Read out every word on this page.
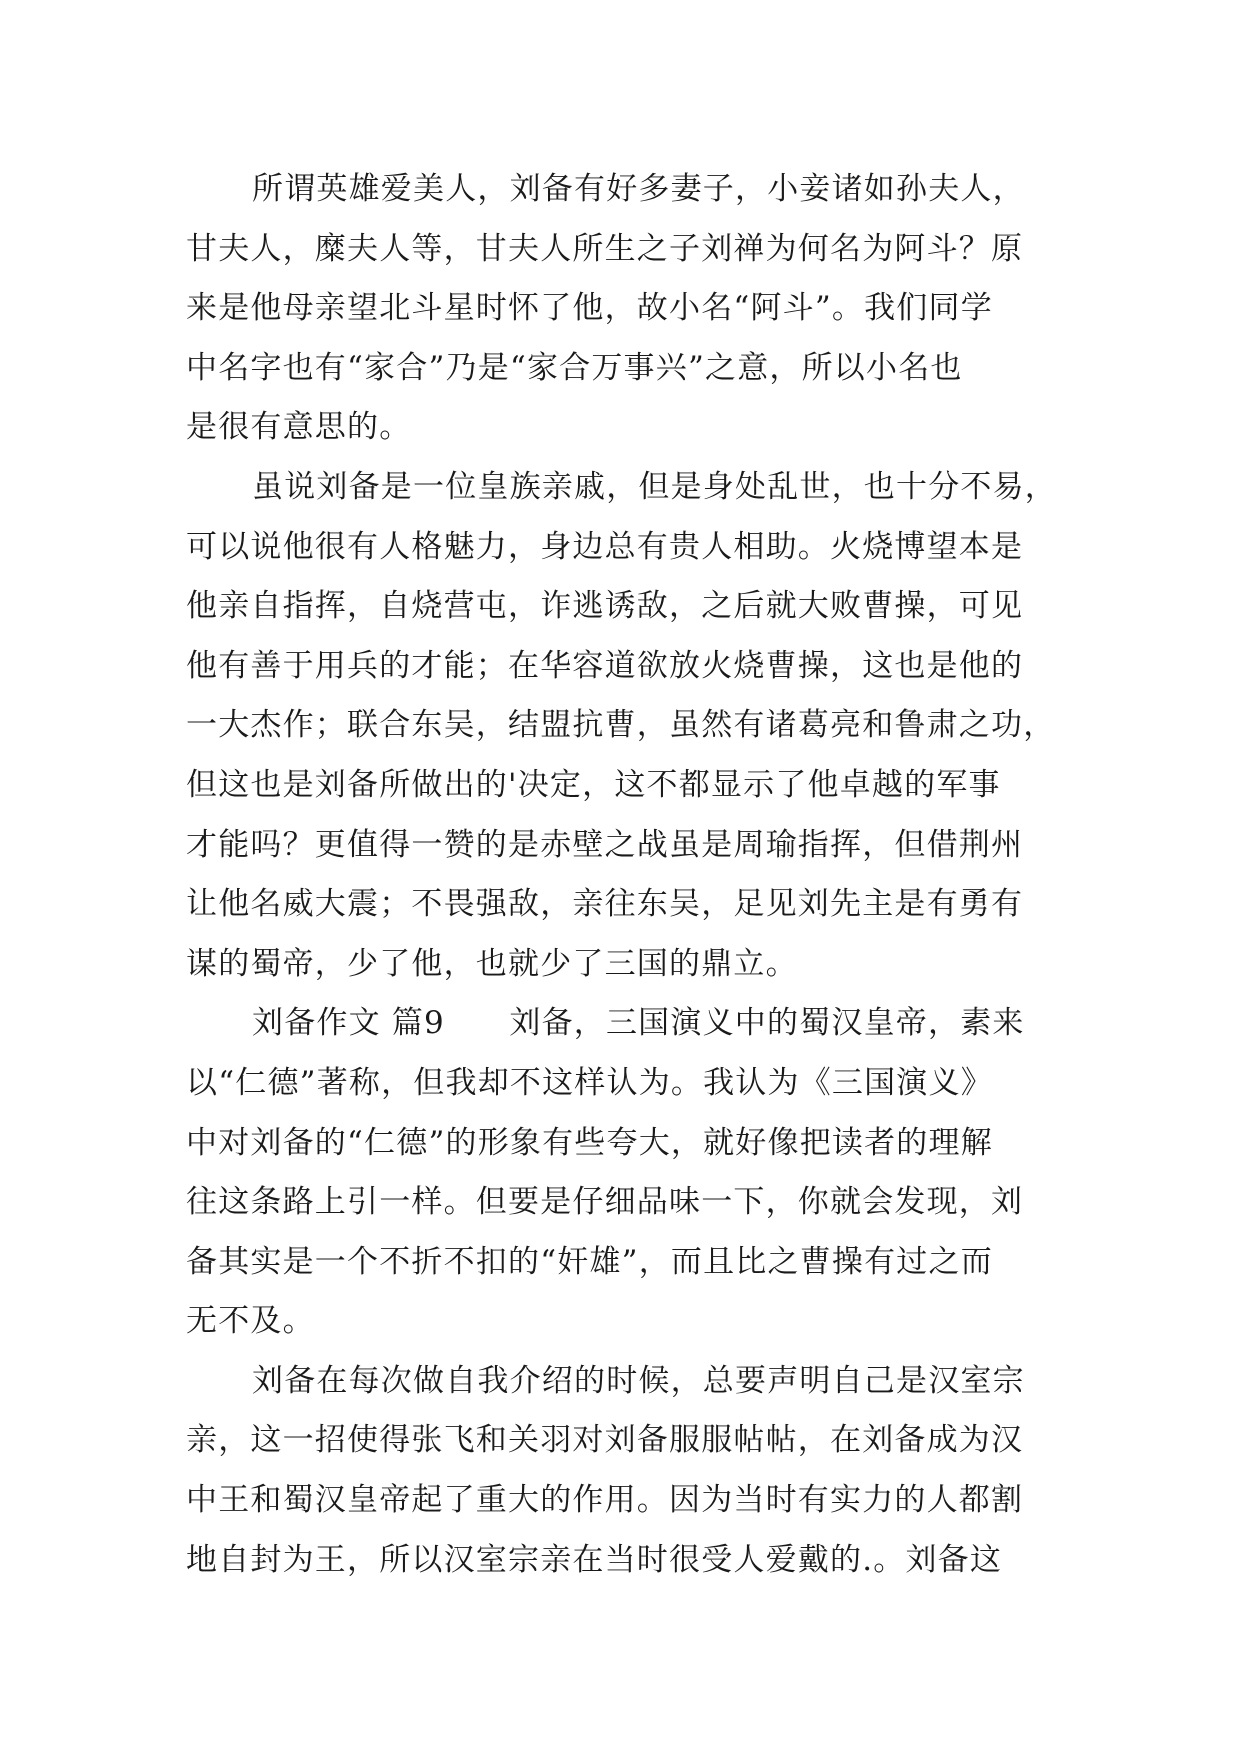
所谓英雄爱美人，刘备有好多妻子，小妾诸如孙夫人，
甘夫人，糜夫人等，甘夫人所生之子刘禅为何名为阿斗？原
来是他母亲望北斗星时怀了他，故小名“阿斗”。我们同学
中名字也有“家合”乃是“家合万事兴”之意，所以小名也
是很有意思的。
虽说刘备是一位皇族亲戚，但是身处乱世，也十分不易，
可以说他很有人格魅力，身边总有贵人相助。火烧博望本是
他亲自指挥，自烧营屯，诈逃诱敌，之后就大败曹操，可见
他有善于用兵的才能；在华容道欲放火烧曹操，这也是他的
一大杰作；联合东吴，结盟抗曹，虽然有诸葛亮和鲁肃之功，
但这也是刘备所做出的'决定，这不都显示了他卓越的军事
才能吗？更值得一赞的是赤壁之战虽是周瑜指挥，但借荆州
让他名威大震；不畏强敌，亲往东吴，足见刘先主是有勇有
谋的蜀帝，少了他，也就少了三国的鼎立。
刘备作文 篇9　　刘备，三国演义中的蜀汉皇帝，素来
以“仁德”著称，但我却不这样认为。我认为《三国演义》
中对刘备的“仁德”的形象有些夸大，就好像把读者的理解
往这条路上引一样。但要是仔细品味一下，你就会发现，刘
备其实是一个不折不扣的“奸雄”，而且比之曹操有过之而
无不及。
刘备在每次做自我介绍的时候，总要声明自己是汉室宗
亲，这一招使得张飞和关羽对刘备服服帖帖，在刘备成为汉
中王和蜀汉皇帝起了重大的作用。因为当时有实力的人都割
地自封为王，所以汉室宗亲在当时很受人爱戴的.。刘备这
